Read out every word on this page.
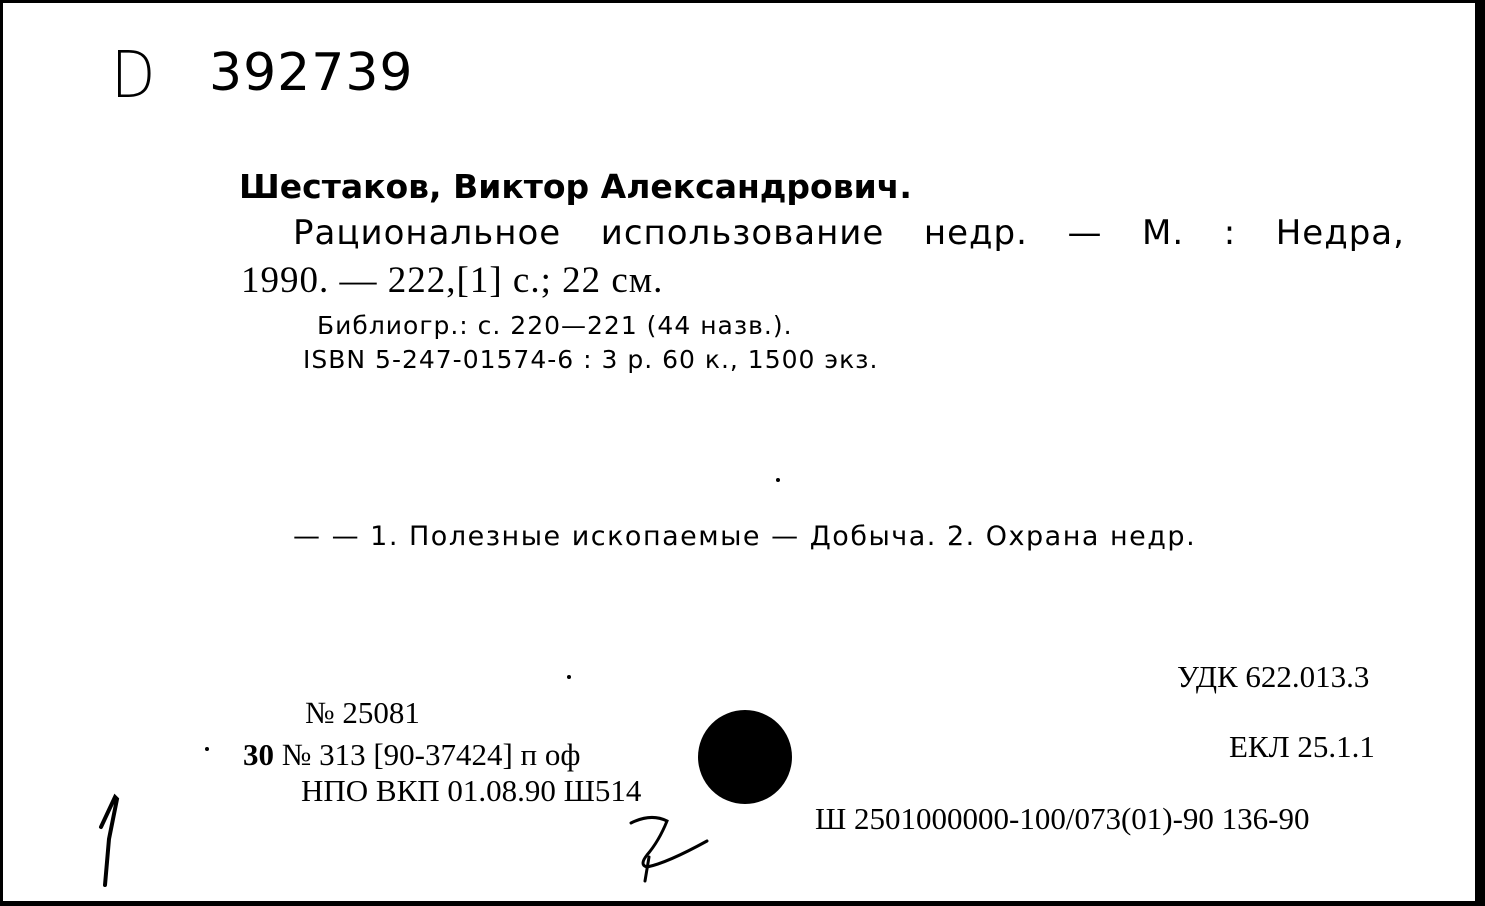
D 392739
Шестаков, Виктор Александрович.
Рациональное использование недр. — М. : Недра,
1990. — 222,[1] с.; 22 см.
Библиогр.: с. 220—221 (44 назв.).
ISBN 5-247-01574-6 : 3 р. 60 к., 1500 экз.
— — 1. Полезные ископаемые — Добыча. 2. Охрана недр.
УДК 622.013.3
ЕКЛ 25.1.1
Ш 2501000000-100/073(01)-90 136-90
№ 25081
30 № 313 [90-37424] п оф
НПО ВКП 01.08.90 Ш514
